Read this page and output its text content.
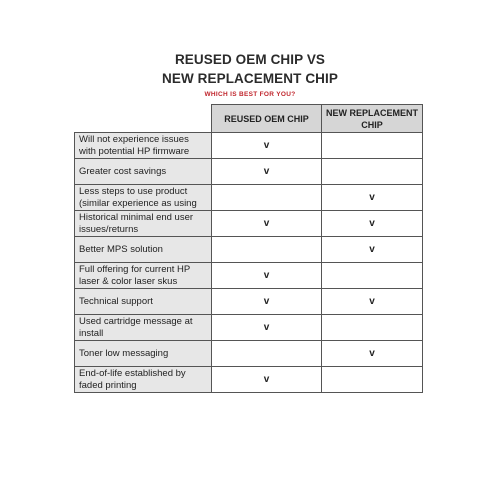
REUSED OEM CHIP VS
NEW REPLACEMENT CHIP
WHICH IS BEST FOR YOU?
	REUSED OEM CHIP	NEW REPLACEMENT CHIP
Will not experience issues with potential HP firmware	v	
Greater cost savings	v	
Less steps to use product (similar experience as using		v
Historical minimal end user issues/returns	v	v
Better MPS solution		v
Full offering for current HP laser & color laser skus	v	
Technical support	v	v
Used cartridge message at install	v	
Toner low messaging		v
End-of-life established by faded printing	v	
